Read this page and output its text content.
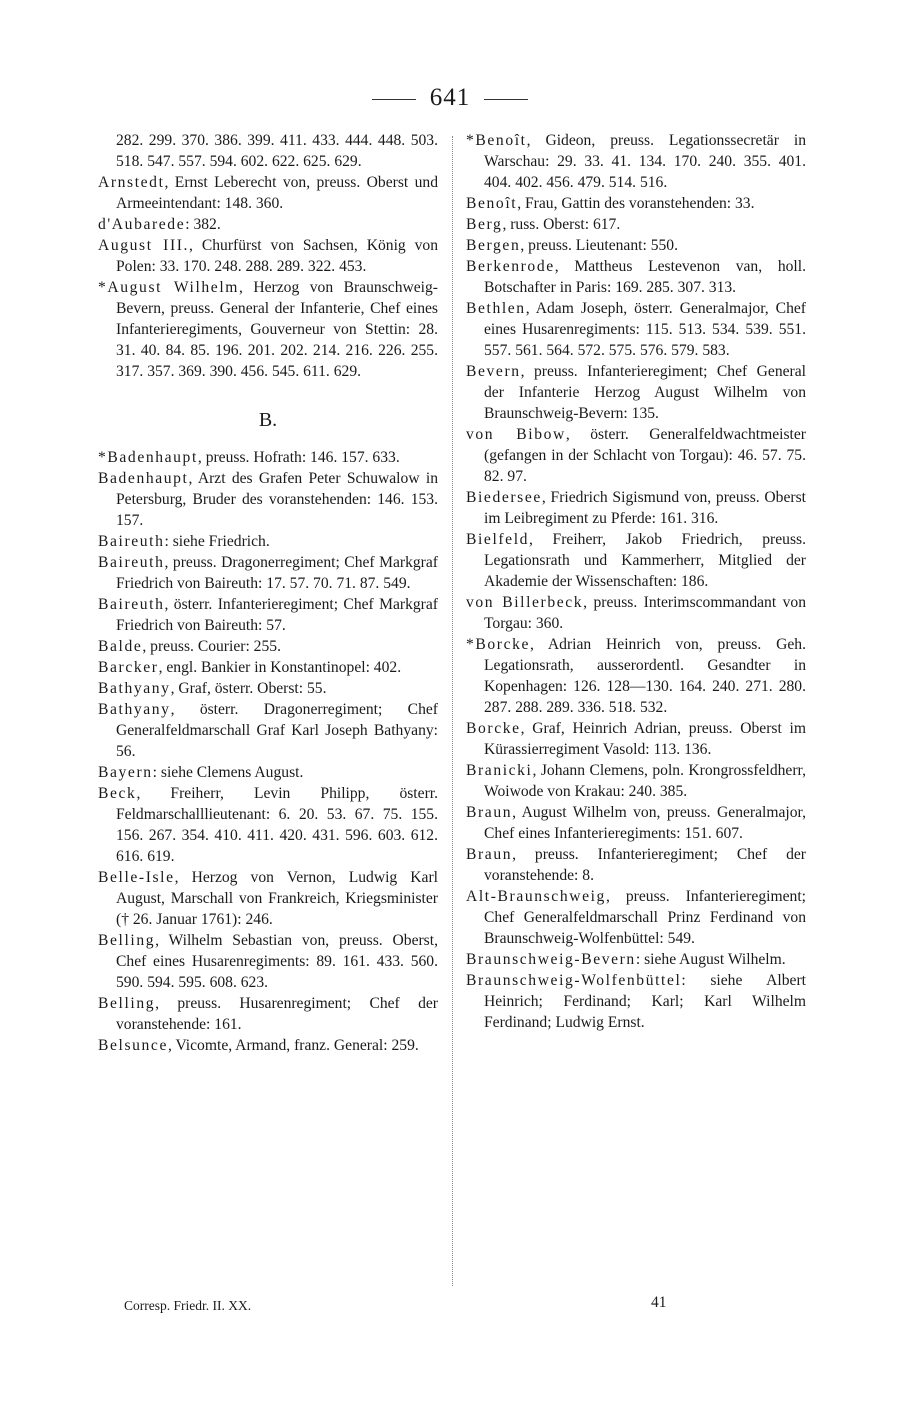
641

282. 299. 370. 386. 399. 411. 433. 444. 448. 503. 518. 547. 557. 594. 602. 622. 625. 629.

Arnstedt, Ernst Leberecht von, preuss. Oberst und Armeeintendant: 148. 360.

d'Aubarede: 382.

August III., Churfürst von Sachsen, König von Polen: 33. 170. 248. 288. 289. 322. 453.

*August Wilhelm, Herzog von Braunschweig-Bevern, preuss. General der Infanterie, Chef eines Infanterieregiments, Gouverneur von Stettin: 28. 31. 40. 84. 85. 196. 201. 202. 214. 216. 226. 255. 317. 357. 369. 390. 456. 545. 611. 629.

B.

*Badenhaupt, preuss. Hofrath: 146. 157. 633.

Badenhaupt, Arzt des Grafen Peter Schuwalow in Petersburg, Bruder des voranstehenden: 146. 153. 157.

Baireuth: siehe Friedrich.

Baireuth, preuss. Dragonerregiment; Chef Markgraf Friedrich von Baireuth: 17. 57. 70. 71. 87. 549.

Baireuth, österr. Infanterieregiment; Chef Markgraf Friedrich von Baireuth: 57.

Balde, preuss. Courier: 255.

Barcker, engl. Bankier in Konstantinopel: 402.

Bathyany, Graf, österr. Oberst: 55.

Bathyany, österr. Dragonerregiment; Chef Generalfeldmarschall Graf Karl Joseph Bathyany: 56.

Bayern: siehe Clemens August.

Beck, Freiherr, Levin Philipp, österr. Feldmarschalllieutenant: 6. 20. 53. 67. 75. 155. 156. 267. 354. 410. 411. 420. 431. 596. 603. 612. 616. 619.

Belle-Isle, Herzog von Vernon, Ludwig Karl August, Marschall von Frankreich, Kriegsminister († 26. Januar 1761): 246.

Belling, Wilhelm Sebastian von, preuss. Oberst, Chef eines Husarenregiments: 89. 161. 433. 560. 590. 594. 595. 608. 623.

Belling, preuss. Husarenregiment; Chef der voranstehende: 161.

Belsunce, Vicomte, Armand, franz. General: 259.

*Benoît, Gideon, preuss. Legationssecretär in Warschau: 29. 33. 41. 134. 170. 240. 355. 401. 404. 402. 456. 479. 514. 516.

Benoît, Frau, Gattin des voranstehenden: 33.

Berg, russ. Oberst: 617.

Bergen, preuss. Lieutenant: 550.

Berkenrode, Mattheus Lestevenon van, holl. Botschafter in Paris: 169. 285. 307. 313.

Bethlen, Adam Joseph, österr. Generalmajor, Chef eines Husarenregiments: 115. 513. 534. 539. 551. 557. 561. 564. 572. 575. 576. 579. 583.

Bevern, preuss. Infanterieregiment; Chef General der Infanterie Herzog August Wilhelm von Braunschweig-Bevern: 135.

von Bibow, österr. Generalfeldwachtmeister (gefangen in der Schlacht von Torgau): 46. 57. 75. 82. 97.

Biedersee, Friedrich Sigismund von, preuss. Oberst im Leibregiment zu Pferde: 161. 316.

Bielfeld, Freiherr, Jakob Friedrich, preuss. Legationsrath und Kammerherr, Mitglied der Akademie der Wissenschaften: 186.

von Billerbeck, preuss. Interimscommandant von Torgau: 360.

*Borcke, Adrian Heinrich von, preuss. Geh. Legationsrath, ausserordentl. Gesandter in Kopenhagen: 126. 128—130. 164. 240. 271. 280. 287. 288. 289. 336. 518. 532.

Borcke, Graf, Heinrich Adrian, preuss. Oberst im Kürassierregiment Vasold: 113. 136.

Branicki, Johann Clemens, poln. Krongrossfeldherr, Woiwode von Krakau: 240. 385.

Braun, August Wilhelm von, preuss. Generalmajor, Chef eines Infanterieregiments: 151. 607.

Braun, preuss. Infanterieregiment; Chef der voranstehende: 8.

Alt-Braunschweig, preuss. Infanterieregiment; Chef Generalfeldmarschall Prinz Ferdinand von Braunschweig-Wolfenbüttel: 549.

Braunschweig-Bevern: siehe August Wilhelm.

Braunschweig-Wolfenbüttel: siehe Albert Heinrich; Ferdinand; Karl; Karl Wilhelm Ferdinand; Ludwig Ernst.

Corresp. Friedr. II. XX.	41
